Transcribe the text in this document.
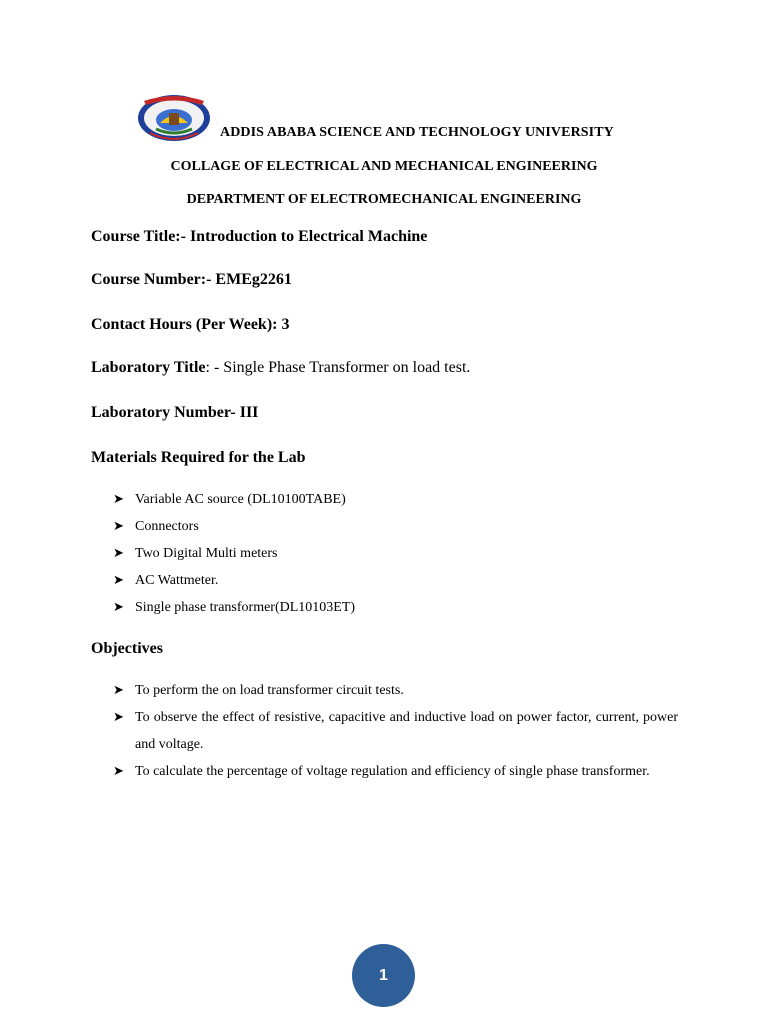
ADDIS ABABA SCIENCE AND TECHNOLOGY UNIVERSITY
COLLAGE OF ELECTRICAL AND MECHANICAL ENGINEERING
DEPARTMENT OF ELECTROMECHANICAL ENGINEERING
Course Title:- Introduction to Electrical Machine
Course Number:- EMEg2261
Contact Hours (Per Week): 3
Laboratory Title: - Single Phase Transformer on load test.
Laboratory Number- III
Materials Required for the Lab
➤ Variable AC source (DL10100TABE)
➤ Connectors
➤ Two Digital Multi meters
➤ AC Wattmeter.
➤ Single phase transformer(DL10103ET)
Objectives
➤ To perform the on load transformer circuit tests.
➤ To observe the effect of resistive, capacitive and inductive load on power factor, current, power and voltage.
➤ To calculate the percentage of voltage regulation and efficiency of single phase transformer.
1
